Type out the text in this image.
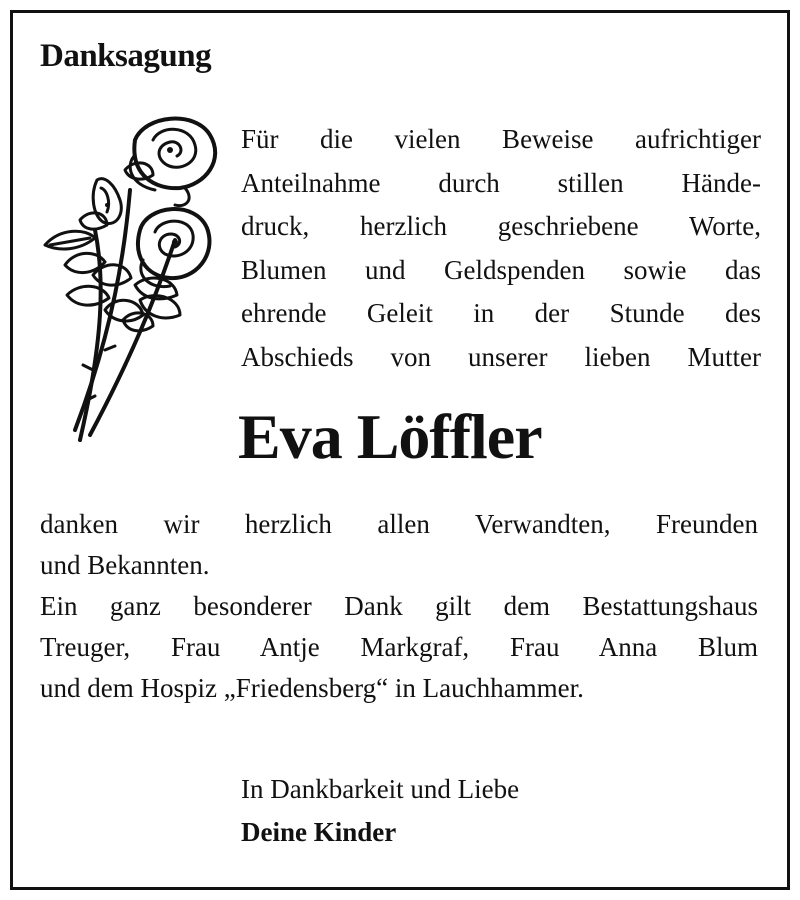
Danksagung
Für die vielen Beweise aufrichtiger
Anteilnahme durch stillen Hände-
druck, herzlich geschriebene Worte,
Blumen und Geldspenden sowie das
ehrende Geleit in der Stunde des
Abschieds von unserer lieben Mutter
Eva Löffler
danken wir herzlich allen Verwandten, Freunden
und Bekannten.
Ein ganz besonderer Dank gilt dem Bestattungshaus
Treuger, Frau Antje Markgraf, Frau Anna Blum
und dem Hospiz „Friedensberg“ in Lauchhammer.
In Dankbarkeit und Liebe
Deine Kinder
